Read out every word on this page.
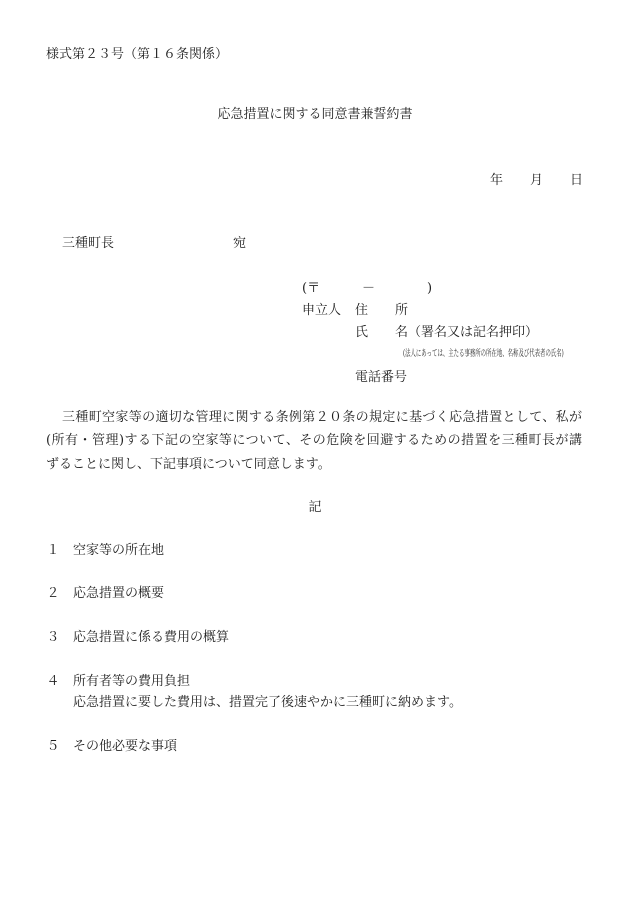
様式第２３号（第１６条関係）
応急措置に関する同意書兼誓約書
年 月 日
三種町長	宛
(〒	－	)
申立人 住 所
氏 名 （署名又は記名押印）
(法人にあっては、主たる事務所の所在地、名称及び代表者の氏名)
電話番号
三種町空家等の適切な管理に関する条例第２０条の規定に基づく応急措置として、私が
(所有・管理)する下記の空家等について、その危険を回避するための措置を三種町長が講
ずることに関し、下記事項について同意します。
記
１ 空家等の所在地
２ 応急措置の概要
３ 応急措置に係る費用の概算
４ 所有者等の費用負担
応急措置に要した費用は、措置完了後速やかに三種町に納めます。
５ その他必要な事項
